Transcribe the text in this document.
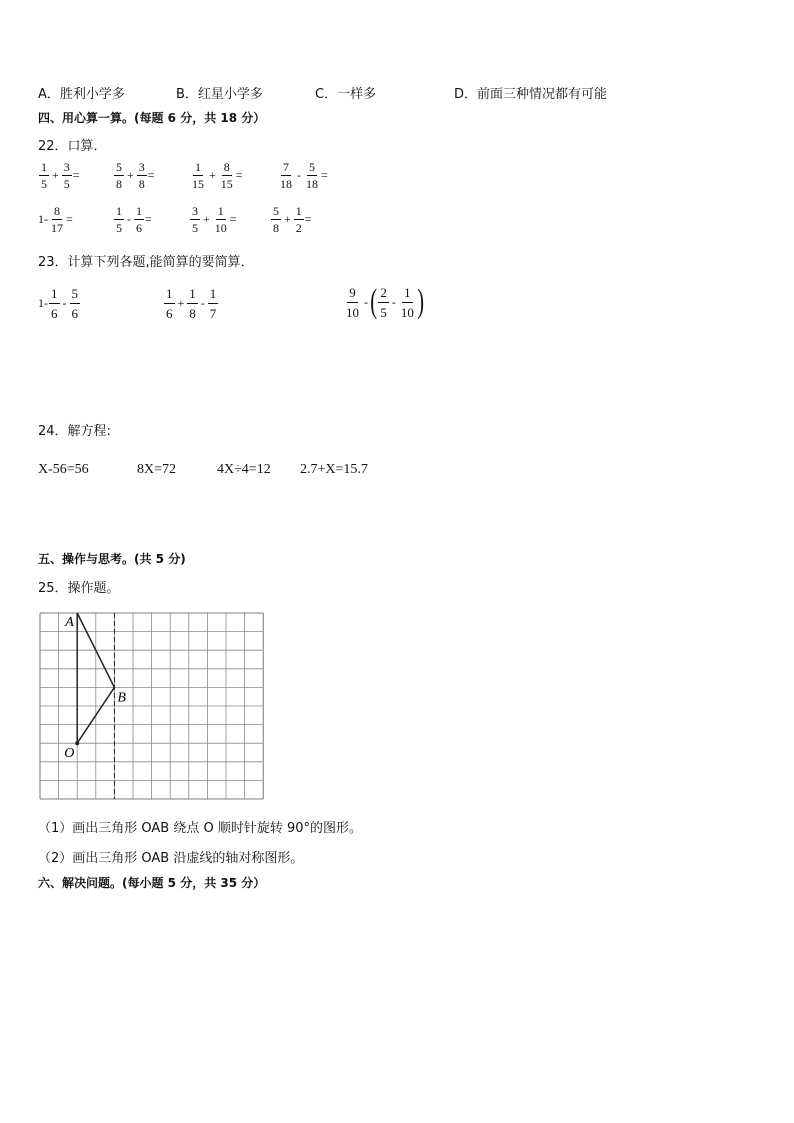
A．胜利小学多	B．红星小学多	C．一样多	D．前面三种情况都有可能
四、用心算一算。(每题 6 分，共 18 分）
22．口算．
$\frac{1}{5} + \frac{3}{5}$ =	$\frac{5}{8} + \frac{3}{8}$ =	$\frac{1}{15} + \frac{8}{15}$ =	$\frac{7}{18} - \frac{5}{18}$ =
$1- \frac{8}{17}$ =	$\frac{1}{5} - \frac{1}{6}$ =	$\frac{3}{5} + \frac{1}{10}$ =	$\frac{5}{8} + \frac{1}{2}$ =
23．计算下列各题,能简算的要简算．
$1- \frac{1}{6} - \frac{5}{6}$	$\frac{1}{6} + \frac{1}{8} - \frac{1}{7}$	$\frac{9}{10}$ - ( $\frac{2}{5} - \frac{1}{10}$ )
24．解方程:
X-56=56	8X=72	4X÷4=12 2.7+X=15.7
五、操作与思考。(共 5 分)
25．操作题。
A
B
O
（1）画出三角形 OAB 绕点 O 顺时针旋转 90°的图形。
（2）画出三角形 OAB 沿虚线的轴对称图形。
六、解决问题。(每小题 5 分，共 35 分）
